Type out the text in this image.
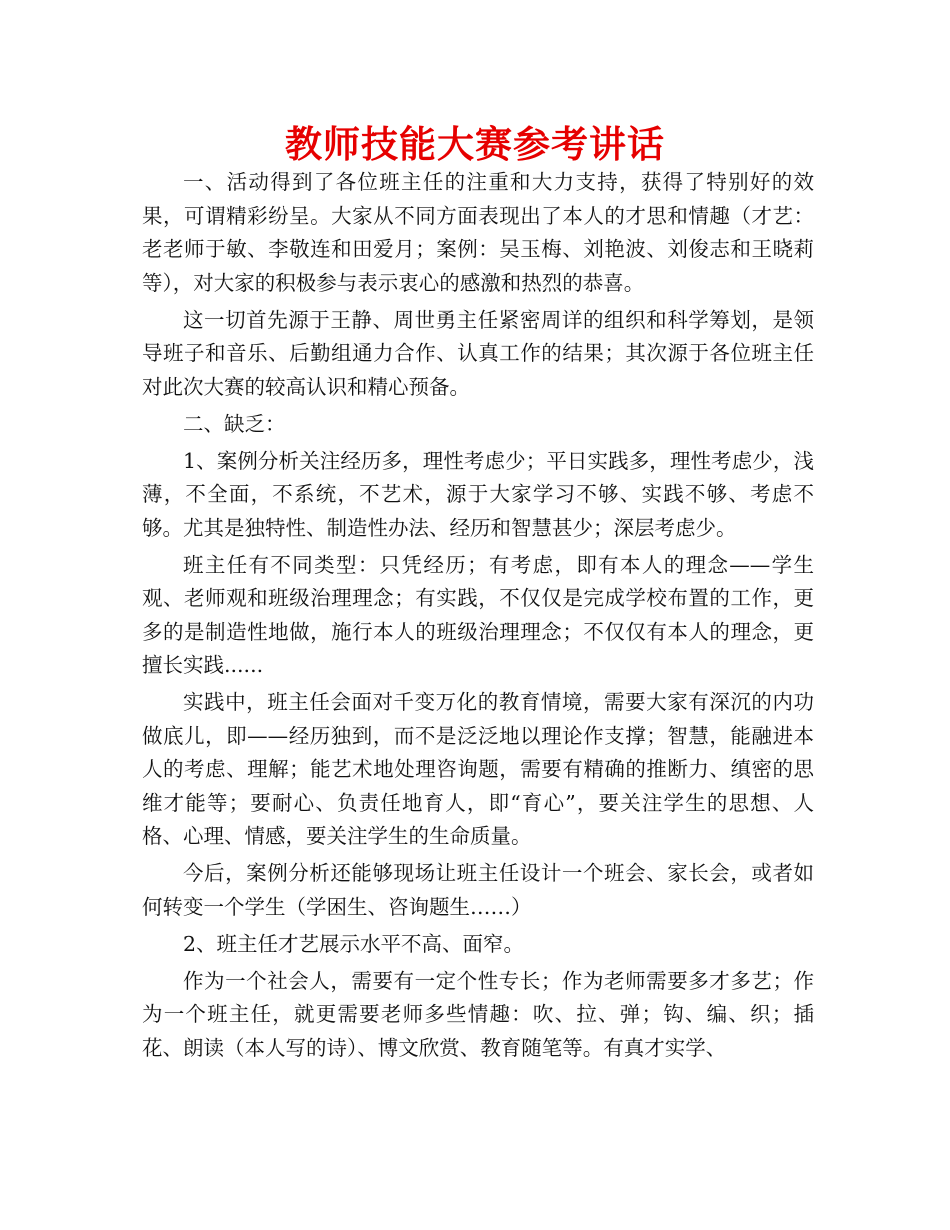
教师技能大赛参考讲话

一、活动得到了各位班主任的注重和大力支持，获得了特别好的效果，可谓精彩纷呈。大家从不同方面表现出了本人的才思和情趣（才艺：老老师于敏、李敬连和田爱月；案例：吴玉梅、刘艳波、刘俊志和王晓莉等），对大家的积极参与表示衷心的感激和热烈的恭喜。

这一切首先源于王静、周世勇主任紧密周详的组织和科学筹划，是领导班子和音乐、后勤组通力合作、认真工作的结果；其次源于各位班主任对此次大赛的较高认识和精心预备。

二、缺乏：

1、案例分析关注经历多，理性考虑少；平日实践多，理性考虑少，浅薄，不全面，不系统，不艺术，源于大家学习不够、实践不够、考虑不够。尤其是独特性、制造性办法、经历和智慧甚少；深层考虑少。

班主任有不同类型：只凭经历；有考虑，即有本人的理念——学生观、老师观和班级治理理念；有实践，不仅仅是完成学校布置的工作，更多的是制造性地做，施行本人的班级治理理念；不仅仅有本人的理念，更擅长实践......

实践中，班主任会面对千变万化的教育情境，需要大家有深沉的内功做底儿，即——经历独到，而不是泛泛地以理论作支撑；智慧，能融进本人的考虑、理解；能艺术地处理咨询题，需要有精确的推断力、缜密的思维才能等；要耐心、负责任地育人，即“育心”，要关注学生的思想、人格、心理、情感，要关注学生的生命质量。

今后，案例分析还能够现场让班主任设计一个班会、家长会，或者如何转变一个学生（学困生、咨询题生……）

2、班主任才艺展示水平不高、面窄。

作为一个社会人，需要有一定个性专长；作为老师需要多才多艺；作为一个班主任，就更需要老师多些情趣：吹、拉、弹；钩、编、织；插花、朗读（本人写的诗）、博文欣赏、教育随笔等。有真才实学、
